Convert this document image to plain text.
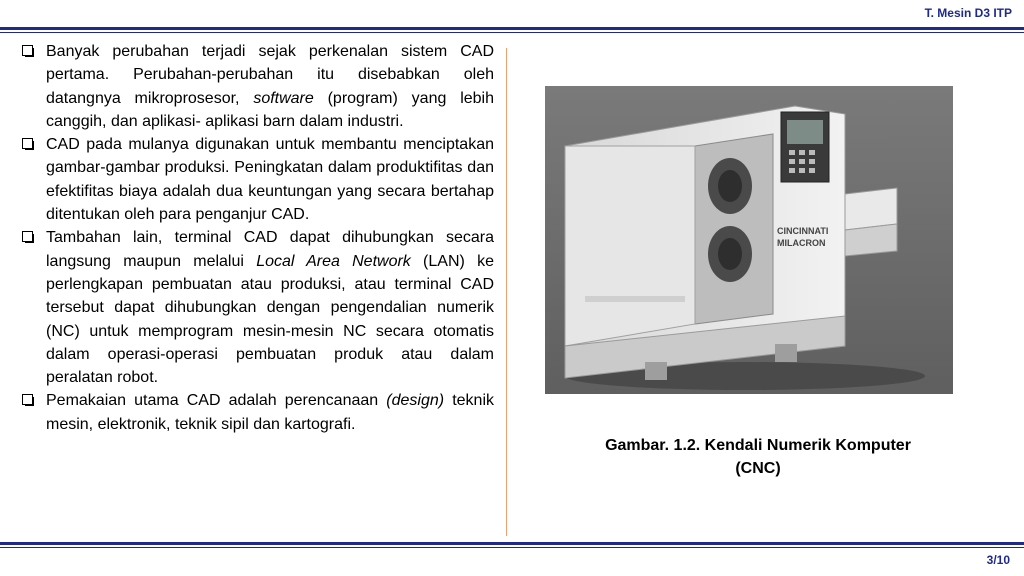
T. Mesin D3 ITP
Banyak perubahan terjadi sejak perkenalan sistem CAD pertama. Perubahan-perubahan itu disebabkan oleh datangnya mikroprosesor, software (program) yang lebih canggih, dan aplikasi- aplikasi barn dalam industri.
CAD pada mulanya digunakan untuk membantu menciptakan gambar-gambar produksi. Peningkatan dalam produktifitas dan efektifitas biaya adalah dua keuntungan yang secara bertahap ditentukan oleh para penganjur CAD.
Tambahan lain, terminal CAD dapat dihubungkan secara langsung maupun melalui Local Area Network (LAN) ke perlengkapan pembuatan atau produksi, atau terminal CAD tersebut dapat dihubungkan dengan pengendalian numerik (NC) untuk memprogram mesin-mesin NC secara otomatis dalam operasi-operasi pembuatan produk atau dalam peralatan robot.
Pemakaian utama CAD adalah perencanaan (design) teknik mesin, elektronik, teknik sipil dan kartografi.
CINCINNATI
MILACRON
Gambar. 1.2. Kendali Numerik Komputer
(CNC)
3/10
